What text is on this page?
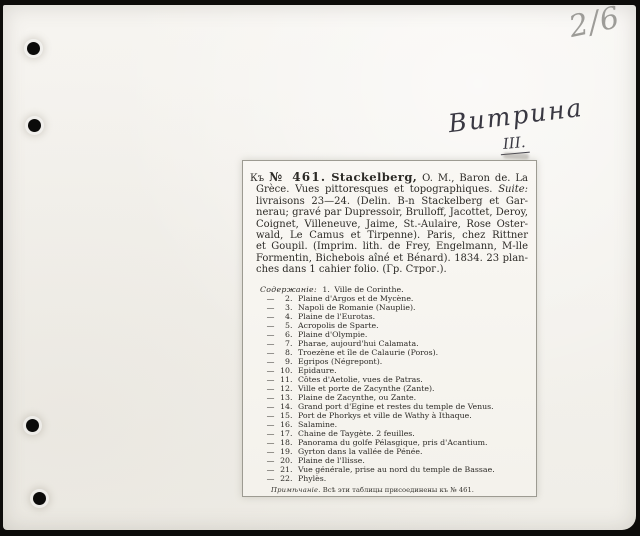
2/6
Витрина
III.
Къ № 461. Stackelberg, O. M., Baron de. La
Grèce. Vues pittoresques et topographiques. Suite:
livraisons 23—24. (Delin. B-n Stackelberg et Gar-
nerau; gravé par Dupressoir, Brulloff, Jacottet, Deroy,
Coignet, Villeneuve, Jaime, St.-Aulaire, Rose Oster-
wald, Le Camus et Tirpenne). Paris, chez Rittner
et Goupil. (Imprim. lith. de Frey, Engelmann, M-lle
Formentin, Bichebois aîné et Bénard). 1834. 23 plan-
ches dans 1 cahier folio. (Гр. Строг.).
Содержаніе: 1. Ville de Corinthe.
— 2. Plaine d'Argos et de Mycène.
— 3. Napoli de Romanie (Nauplie).
— 4. Plaine de l'Eurotas.
— 5. Acropolis de Sparte.
— 6. Plaine d'Olympie.
— 7. Pharae, aujourd'hui Calamata.
— 8. Troezène et île de Calaurie (Poros).
— 9. Egripos (Négrepont).
— 10. Epidaure.
— 11. Côtes d'Aetolie, vues de Patras.
— 12. Ville et porte de Zacynthe (Zante).
— 13. Plaine de Zacynthe, ou Zante.
— 14. Grand port d'Egine et restes du temple de Venus.
— 15. Port de Phorkys et ville de Wathy à Ithaque.
— 16. Salamine.
— 17. Chaine de Taygète. 2 feuilles.
— 18. Panorama du golfe Pélasgique, pris d'Acantium.
— 19. Gyrton dans la vallée de Pénée.
— 20. Plaine de l'Ilisse.
— 21. Vue générale, prise au nord du temple de Bassae.
— 22. Phylès.
Примѣчаніе. Всѣ эти таблицы присоединены къ № 461.
